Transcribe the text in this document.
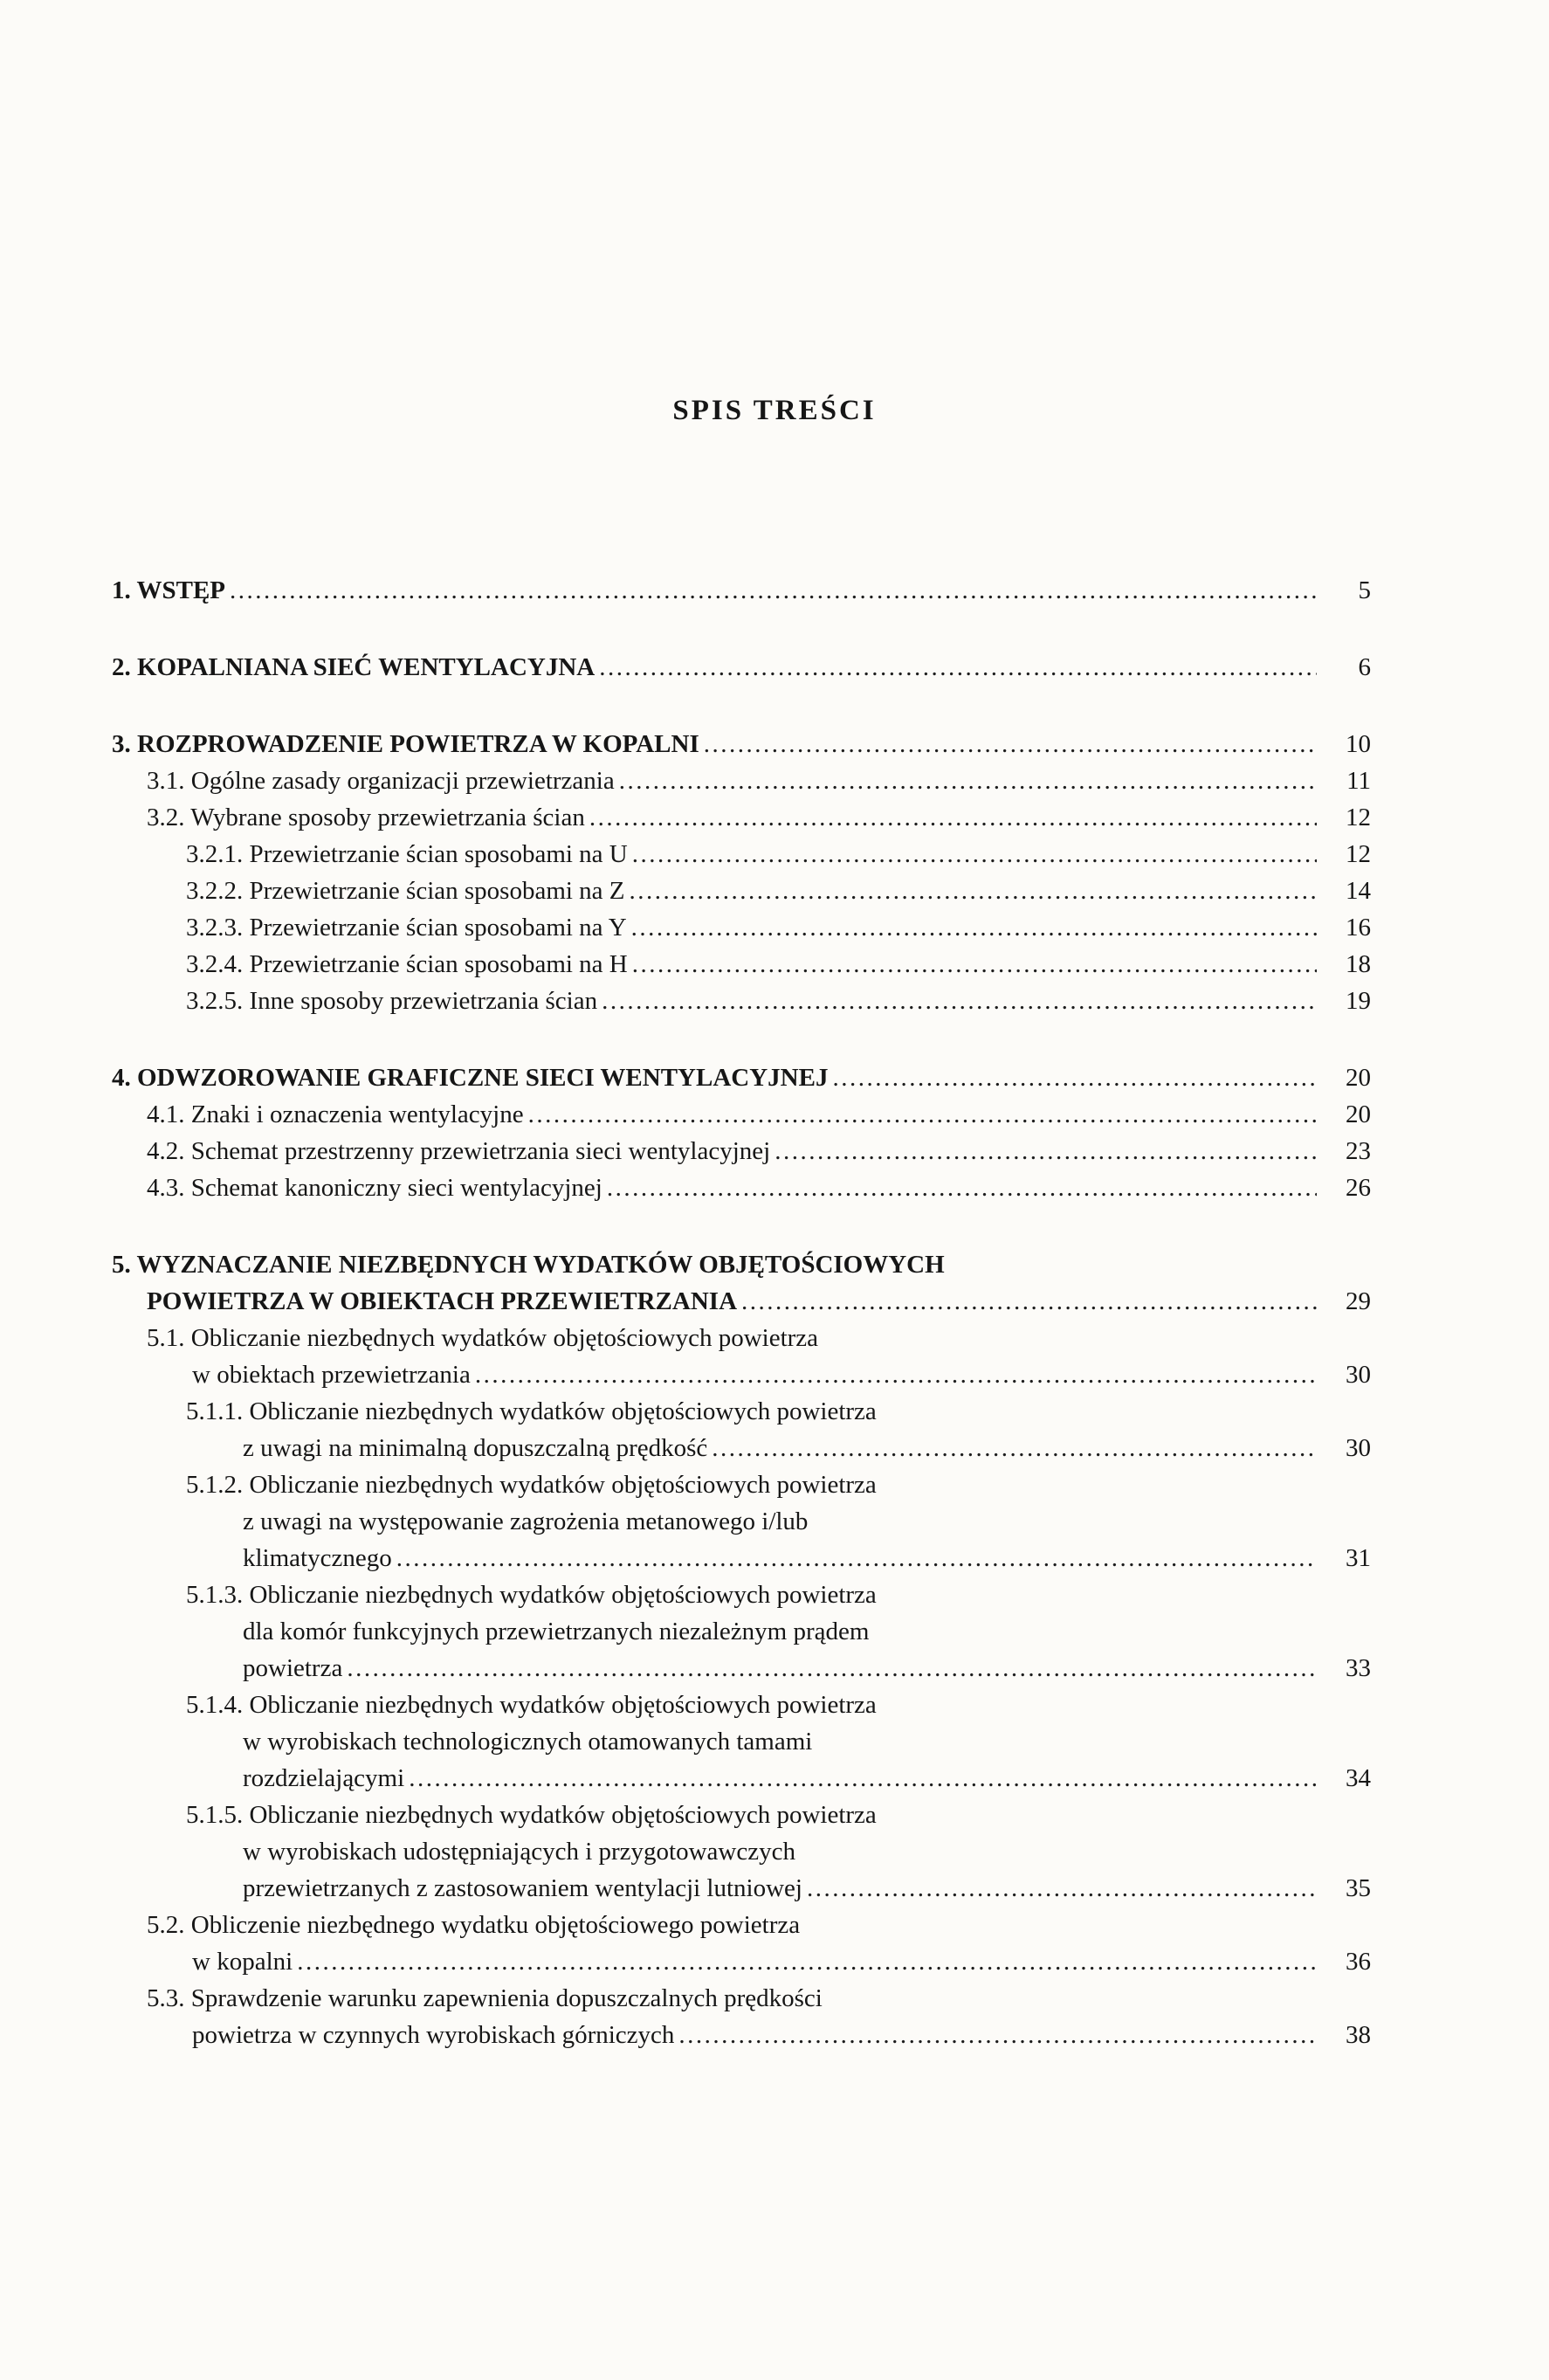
SPIS TREŚCI
1. WSTĘP .....	5
2. KOPALNIANA SIEĆ WENTYLACYJNA .....	6
3. ROZPROWADZENIE POWIETRZA W KOPALNI .....	10
3.1. Ogólne zasady organizacji przewietrzania .....	11
3.2. Wybrane sposoby przewietrzania ścian .....	12
3.2.1. Przewietrzanie ścian sposobami na U .....	12
3.2.2. Przewietrzanie ścian sposobami na Z .....	14
3.2.3. Przewietrzanie ścian sposobami na Y .....	16
3.2.4. Przewietrzanie ścian sposobami na H .....	18
3.2.5. Inne sposoby przewietrzania ścian .....	19
4. ODWZOROWANIE GRAFICZNE SIECI WENTYLACYJNEJ .....	20
4.1. Znaki i oznaczenia wentylacyjne .....	20
4.2. Schemat przestrzenny przewietrzania sieci wentylacyjnej .....	23
4.3. Schemat kanoniczny sieci wentylacyjnej .....	26
5. WYZNACZANIE NIEZBĘDNYCH WYDATKÓW OBJĘTOŚCIOWYCH
POWIETRZA W OBIEKTACH PRZEWIETRZANIA .....	29
5.1. Obliczanie niezbędnych wydatków objętościowych powietrza
w obiektach przewietrzania .....	30
5.1.1. Obliczanie niezbędnych wydatków objętościowych powietrza
z uwagi na minimalną dopuszczalną prędkość .....	30
5.1.2. Obliczanie niezbędnych wydatków objętościowych powietrza
z uwagi na występowanie zagrożenia metanowego i/lub
klimatycznego .....	31
5.1.3. Obliczanie niezbędnych wydatków objętościowych powietrza
dla komór funkcyjnych przewietrzanych niezależnym prądem
powietrza .....	33
5.1.4. Obliczanie niezbędnych wydatków objętościowych powietrza
w wyrobiskach technologicznych otamowanych tamami
rozdzielającymi .....	34
5.1.5. Obliczanie niezbędnych wydatków objętościowych powietrza
w wyrobiskach udostępniających i przygotowawczych
przewietrzanych z zastosowaniem wentylacji lutniowej .....	35
5.2. Obliczenie niezbędnego wydatku objętościowego powietrza
w kopalni .....	36
5.3. Sprawdzenie warunku zapewnienia dopuszczalnych prędkości
powietrza w czynnych wyrobiskach górniczych .....	38
